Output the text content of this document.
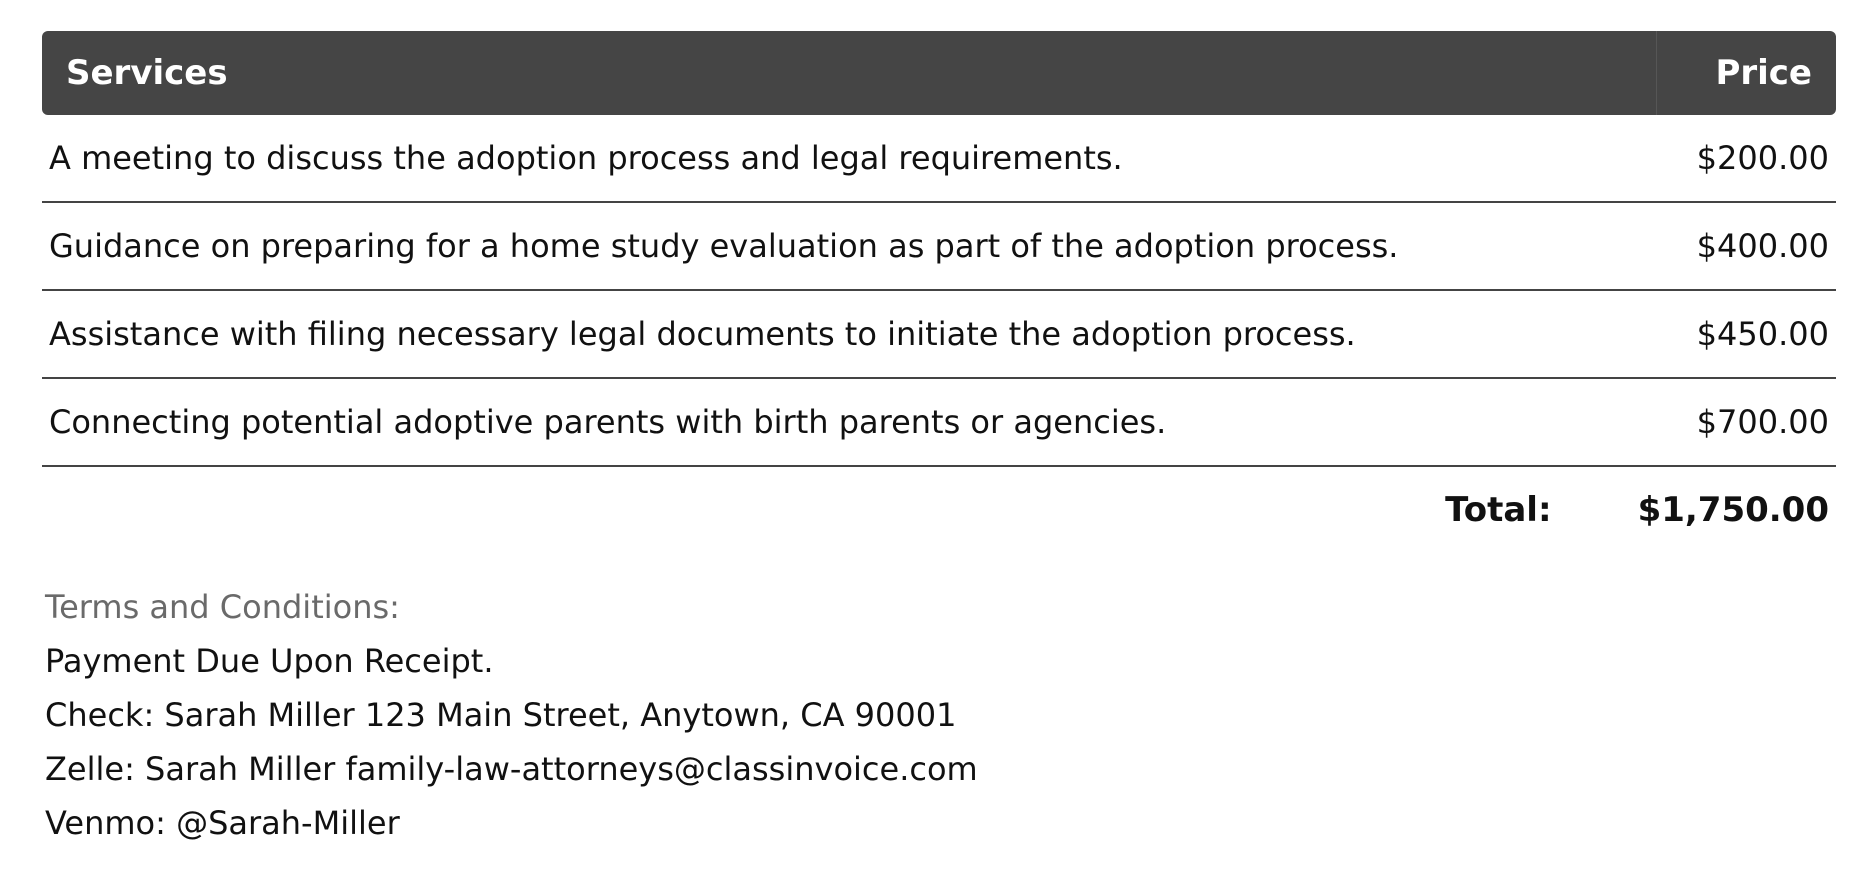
Services	Price
A meeting to discuss the adoption process and legal requirements.	$200.00
Guidance on preparing for a home study evaluation as part of the adoption process.	$400.00
Assistance with filing necessary legal documents to initiate the adoption process.	$450.00
Connecting potential adoptive parents with birth parents or agencies.	$700.00
Total:	$1,750.00
Terms and Conditions:
Payment Due Upon Receipt.
Check: Sarah Miller 123 Main Street, Anytown, CA 90001
Zelle: Sarah Miller family-law-attorneys@classinvoice.com
Venmo: @Sarah-Miller
